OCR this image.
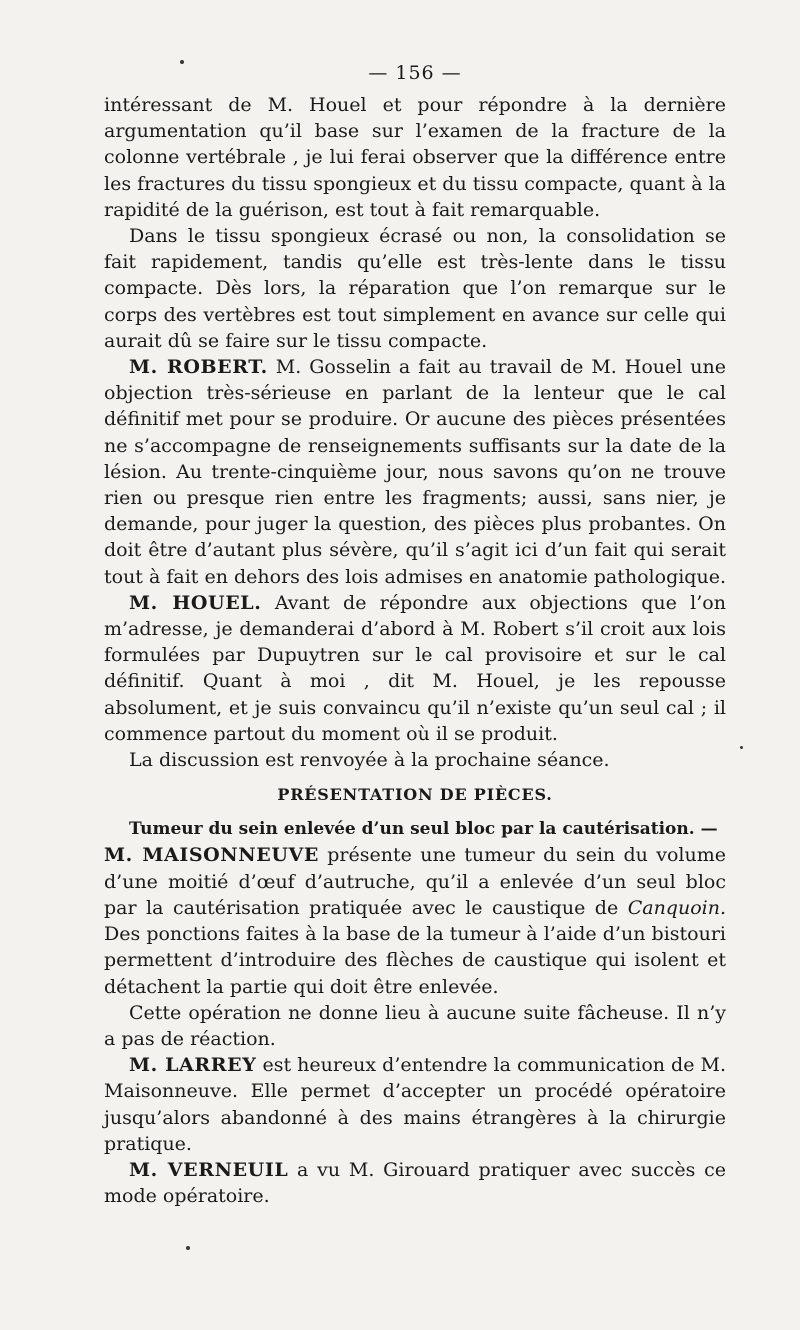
— 156 —

intéressant de M. Houel et pour répondre à la dernière argumentation qu’il base sur l’examen de la fracture de la colonne vertébrale , je lui ferai observer que la différence entre les fractures du tissu spongieux et du tissu compacte, quant à la rapidité de la guérison, est tout à fait remarquable.

Dans le tissu spongieux écrasé ou non, la consolidation se fait rapidement, tandis qu’elle est très-lente dans le tissu compacte. Dès lors, la réparation que l’on remarque sur le corps des vertèbres est tout simplement en avance sur celle qui aurait dû se faire sur le tissu compacte.

M. ROBERT. M. Gosselin a fait au travail de M. Houel une objection très-sérieuse en parlant de la lenteur que le cal définitif met pour se produire. Or aucune des pièces présentées ne s’accompagne de renseignements suffisants sur la date de la lésion. Au trente-cinquième jour, nous savons qu’on ne trouve rien ou presque rien entre les fragments; aussi, sans nier, je demande, pour juger la question, des pièces plus probantes. On doit être d’autant plus sévère, qu’il s’agit ici d’un fait qui serait tout à fait en dehors des lois admises en anatomie pathologique.

M. HOUEL. Avant de répondre aux objections que l’on m’adresse, je demanderai d’abord à M. Robert s’il croit aux lois formulées par Dupuytren sur le cal provisoire et sur le cal définitif. Quant à moi , dit M. Houel, je les repousse absolument, et je suis convaincu qu’il n’existe qu’un seul cal ; il commence partout du moment où il se produit.

La discussion est renvoyée à la prochaine séance.

PRÉSENTATION DE PIÈCES.

Tumeur du sein enlevée d’un seul bloc par la cautérisation. —
M. MAISONNEUVE présente une tumeur du sein du volume d’une moitié d’œuf d’autruche, qu’il a enlevée d’un seul bloc par la cautérisation pratiquée avec le caustique de Canquoin. Des ponctions faites à la base de la tumeur à l’aide d’un bistouri permettent d’introduire des flèches de caustique qui isolent et détachent la partie qui doit être enlevée.

Cette opération ne donne lieu à aucune suite fâcheuse. Il n’y a pas de réaction.

M. LARREY est heureux d’entendre la communication de M. Maisonneuve. Elle permet d’accepter un procédé opératoire jusqu’alors abandonné à des mains étrangères à la chirurgie pratique.

M. VERNEUIL a vu M. Girouard pratiquer avec succès ce mode opératoire.
